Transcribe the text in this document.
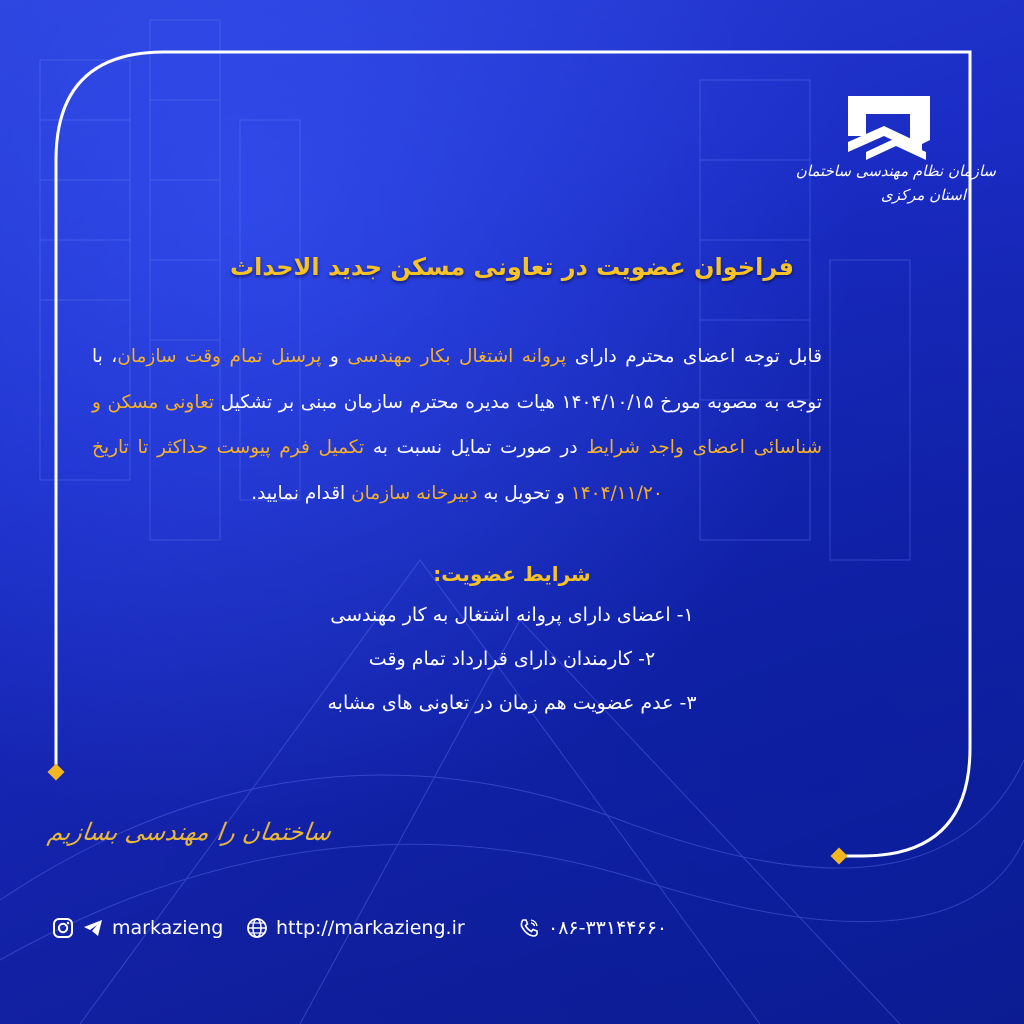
سازمان نظام مهندسی ساختمان
استان مرکزی
فراخوان عضویت در تعاونی مسکن جدید الاحداث
قابل توجه اعضای محترم دارای پروانه اشتغال بکار مهندسی و پرسنل تمام وقت سازمان، با توجه به مصوبه مورخ ۱۴۰۴/۱۰/۱۵ هیات مدیره محترم سازمان مبنی بر تشکیل تعاونی مسکن و شناسائی اعضای واجد شرایط در صورت تمایل نسبت به تکمیل فرم پیوست حداکثر تا تاریخ ۱۴۰۴/۱۱/۲۰ و تحویل به دبیرخانه سازمان اقدام نمایید.
شرایط عضویت:
۱- اعضای دارای پروانه اشتغال به کار مهندسی
۲- کارمندان دارای قرارداد تمام وقت
۳- عدم عضویت هم زمان در تعاونی های مشابه
ساختمان را مهندسی بسازیم
markazieng	http://markazieng.ir	۰۸۶-۳۳۱۴۴۶۶۰
